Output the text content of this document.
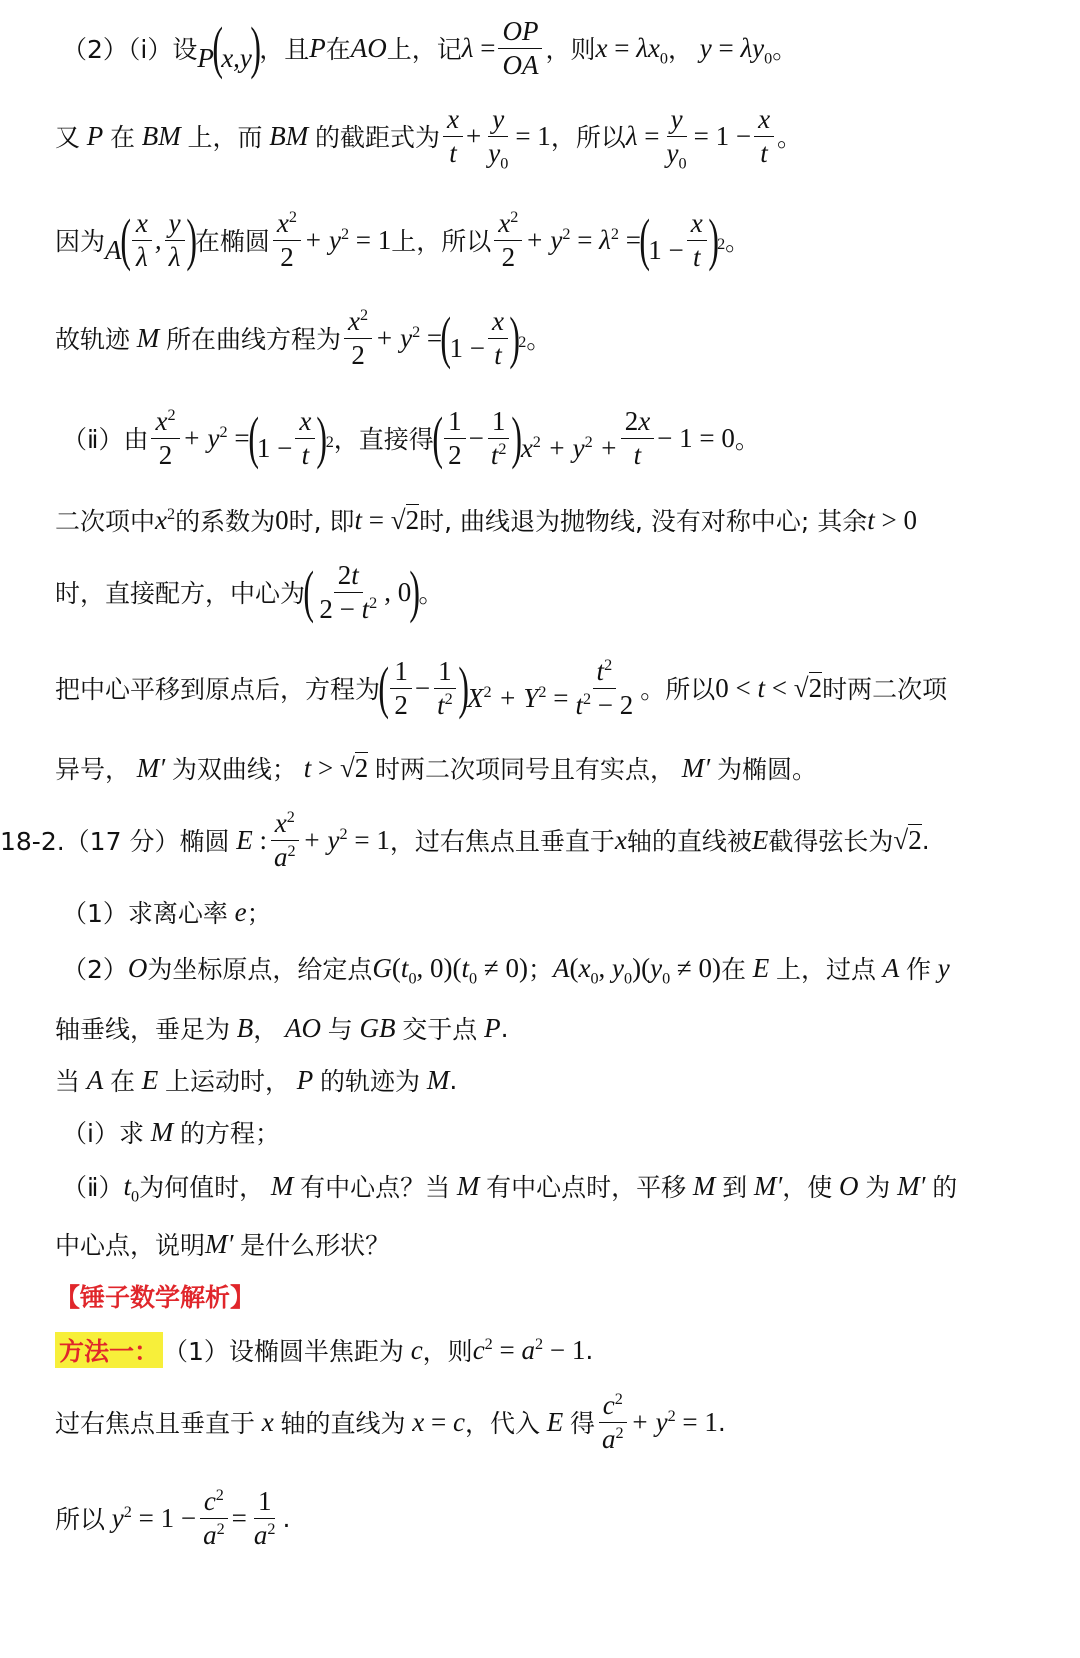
（2）（ⅰ）设 P(x,y)
，且 P 在 AO 上，记 $\lambda = \frac{OP}{OA}$ ，则 $x = \lambda x_0$ ， $y = \lambda y_0$ 。
又 P 在 BM 上，而 BM 的截距式为 $\frac{x}{t} + \frac{y}{y_0} = 1$ ，所以 $\lambda = \frac{y}{y_0} = 1 - \frac{x}{t}$ 。
因为 $A( \frac{x}{\lambda}$ , $\frac{y}{\lambda}$ )
在椭圆 $\frac{x^2}{2} + y^2 = 1$ 上，所以 $\frac{x^2}{2} + y^2 = \lambda^2$ =
$(1 - \frac{x}{t} )^2$ 。
故轨迹 M 所在曲线方程为 $\frac{x^2}{2} + y^2$ =
$(1 - \frac{x}{t} )^2$ 。
（ⅱ）由 $\frac{x^2}{2} + y^2$ =
$(1 - \frac{x}{t} )^2$ ，直接得
( $\frac{1}{2} - \frac{1}{t^2} )x^2 + y^2 + \frac{2x}{t} - 1 = 0$ 。
二次项中 $x^2$ 的系数为 0 时, 即 t = √2 时, 曲线退为抛物线, 没有对称中心; 其余 t > 0
时，直接配方，中心为
( $\frac{2t}{2 - t^2}$ , 0
)
。
把中心平移到原点后，方程为
( $\frac{1}{2} - \frac{1}{t^2} )X^2 + Y^2 = \frac{t^2}{t^2 - 2}$ 。所以 0 < t < √2 时两二次项
异号， M′ 为双曲线； t > √2 时两二次项同号且有实点， M′ 为椭圆。
18-2.（17 分）椭圆 E : $\frac{x^2}{a^2} + y^2 = 1$ ，过右焦点且垂直于 x 轴的直线被 E 截得弦长为 √2 .
（1）求离心率 e ；
（2） O 为坐标原点，给定点 $G(t_0$, $0)(t_0 \ne 0)$ ； $A(x_0$, $y_0)(y_0 \ne 0)$ 在 E 上，过点 A 作 y
轴垂线，垂足为 B ， AO 与 GB 交于点 P .
当 A 在 E 上运动时， P 的轨迹为 M .
（ⅰ）求 M 的方程；
（ⅱ） $t_0$ 为何值时， M 有中心点？当 M 有中心点时，平移 M 到 M′ ，使 O 为 M′ 的
中心点，说明 M′ 是什么形状？
【锤子数学解析】
方法一： （1）设椭圆半焦距为 c ，则 $c^2 = a^2 - 1$ .
过右焦点且垂直于 x 轴的直线为 x = c ，代入 E 得 $\frac{c^2}{a^2} + y^2 = 1$ .
所以 $y^2 = 1 - \frac{c^2}{a^2} = \frac{1}{a^2}$ .
